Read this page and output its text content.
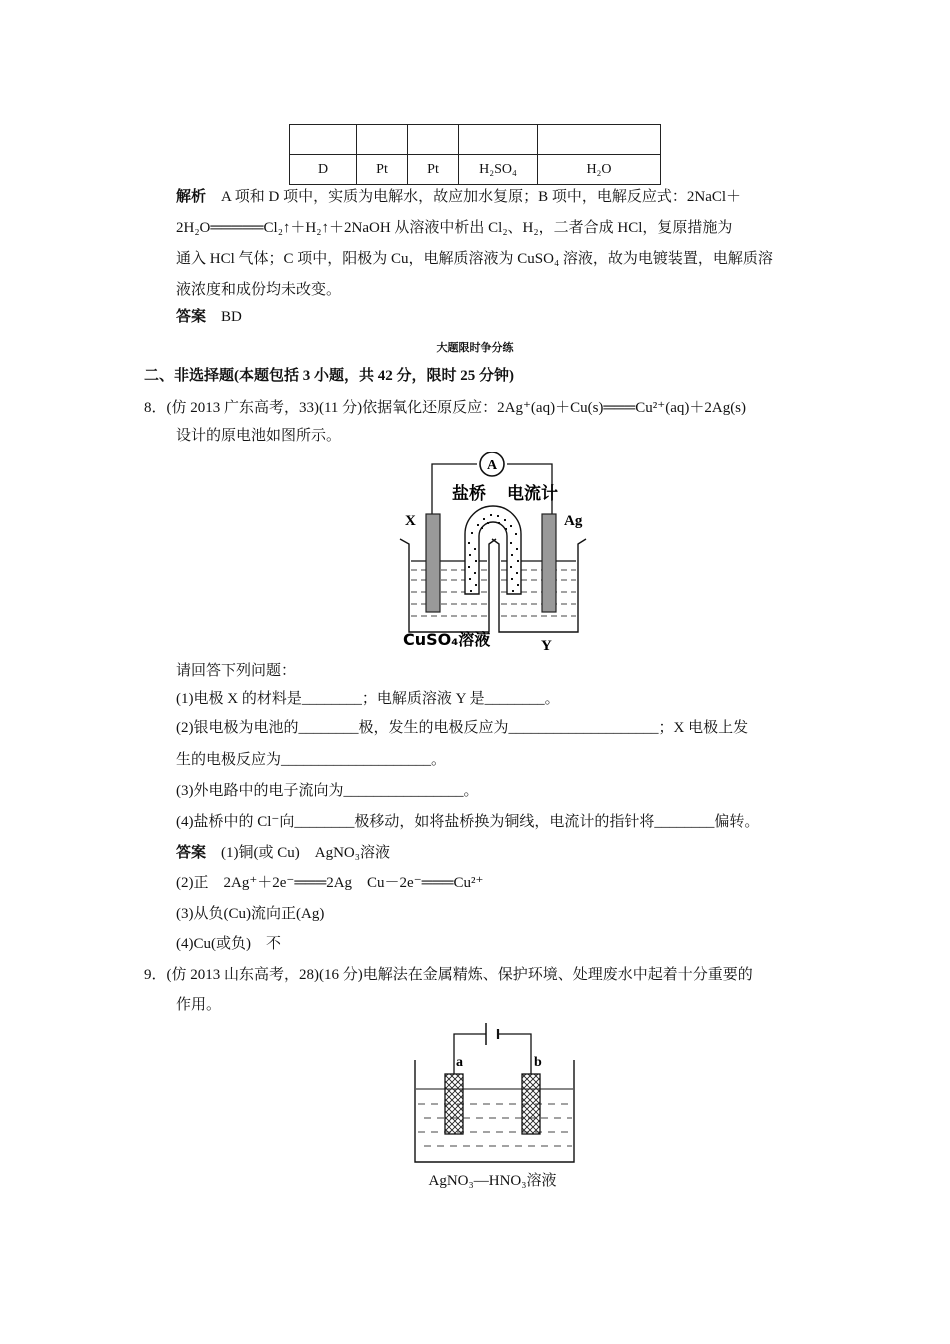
D	Pt	Pt	H₂SO₄	H₂O
解析 A 项和 D 项中，实质为电解水，故应加水复原；B 项中，电解反应式：2NaCl＋
2H₂O═════Cl₂↑＋H₂↑＋2NaOH 从溶液中析出 Cl₂、H₂，二者合成 HCl，复原措施为
通入 HCl 气体；C 项中，阳极为 Cu，电解质溶液为 CuSO₄ 溶液，故为电镀装置，电解质溶
液浓度和成份均未改变。
答案 BD
大题限时争分练
二、非选择题(本题包括 3 小题，共 42 分，限时 25 分钟)
8．(仿 2013 广东高考，33)(11 分)依据氧化还原反应：2Ag⁺(aq)＋Cu(s)═══Cu²⁺(aq)＋2Ag(s)
设计的原电池如图所示。
A
盐桥 电流计
X	Ag
CuSO₄溶液	Y
请回答下列问题：
(1)电极 X 的材料是________；电解质溶液 Y 是________。
(2)银电极为电池的________极，发生的电极反应为____________________；X 电极上发
生的电极反应为____________________。
(3)外电路中的电子流向为________________。
(4)盐桥中的 Cl⁻向________极移动，如将盐桥换为铜线，电流计的指针将________偏转。
答案 (1)铜(或 Cu)　AgNO₃溶液
(2)正　2Ag⁺＋2e⁻═══2Ag　Cu－2e⁻═══Cu²⁺
(3)从负(Cu)流向正(Ag)
(4)Cu(或负)　不
9．(仿 2013 山东高考，28)(16 分)电解法在金属精炼、保护环境、处理废水中起着十分重要的
作用。
a	b
AgNO₃—HNO₃溶液
